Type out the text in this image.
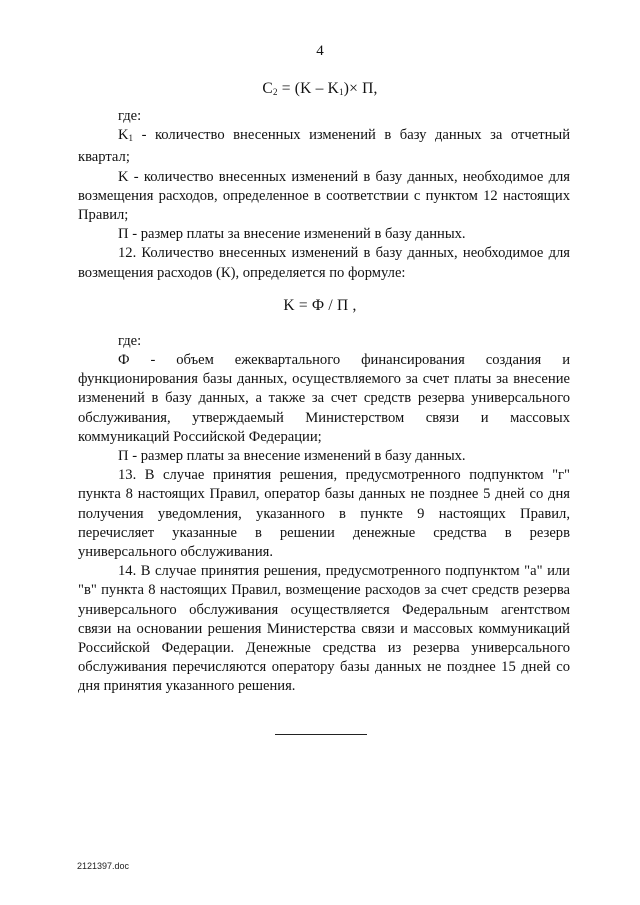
4
$C_2 = (K - K_1)\times П$,

где:

$K_1$ - количество внесенных изменений в базу данных за отчетный квартал;

K - количество внесенных изменений в базу данных, необходимое для возмещения расходов, определенное в соответствии с пунктом 12 настоящих Правил;

П - размер платы за внесение изменений в базу данных.

12. Количество внесенных изменений в базу данных, необходимое для возмещения расходов (К), определяется по формуле:

где:

Ф - объем ежеквартального финансирования создания и функционирования базы данных, осуществляемого за счет платы за внесение изменений в базу данных, а также за счет средств резерва универсального обслуживания, утверждаемый Министерством связи и массовых коммуникаций Российской Федерации;

П - размер платы за внесение изменений в базу данных.

13. В случае принятия решения, предусмотренного подпунктом "г" пункта 8 настоящих Правил, оператор базы данных не позднее 5 дней со дня получения уведомления, указанного в пункте 9 настоящих Правил, перечисляет указанные в решении денежные средства в резерв универсального обслуживания.

14. В случае принятия решения, предусмотренного подпунктом "а" или "в" пункта 8 настоящих Правил, возмещение расходов за счет средств резерва универсального обслуживания осуществляется Федеральным агентством связи на основании решения Министерства связи и массовых коммуникаций Российской Федерации. Денежные средства из резерва универсального обслуживания перечисляются оператору базы данных не позднее 15 дней со дня принятия указанного решения.

K = Ф / П ,
2121397.doc
